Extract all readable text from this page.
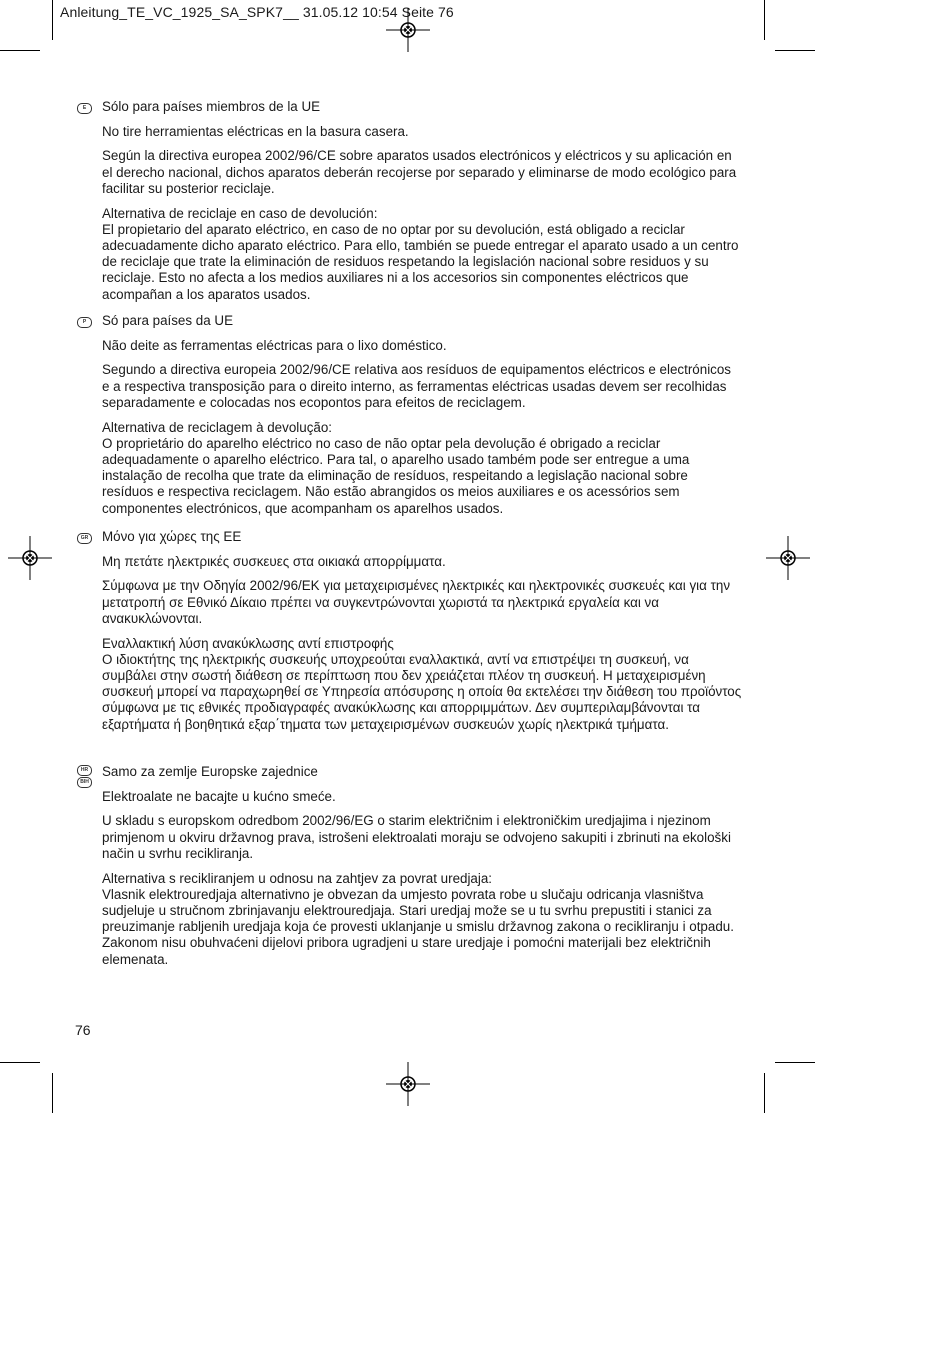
Anleitung_TE_VC_1925_SA_SPK7__ 31.05.12 10:54 Seite 76
E	Sólo para países miembros de la UE

No tire herramientas eléctricas en la basura casera.

Según la directiva europea 2002/96/CE sobre aparatos usados electrónicos y eléctricos y su aplicación en el derecho nacional, dichos aparatos deberán recojerse por separado y eliminarse de modo ecológico para facilitar su posterior reciclaje.

Alternativa de reciclaje en caso de devolución:
El propietario del aparato eléctrico, en caso de no optar por su devolución, está obligado a reciclar adecuadamente dicho aparato eléctrico. Para ello, también se puede entregar el aparato usado a un centro de reciclaje que trate la eliminación de residuos respetando la legislación nacional sobre residuos y su reciclaje. Esto no afecta a los medios auxiliares ni a los accesorios sin componentes eléctricos que acompañan a los aparatos usados.

P	Só para países da UE

Não deite as ferramentas eléctricas para o lixo doméstico.

Segundo a directiva europeia 2002/96/CE relativa aos resíduos de equipamentos eléctricos e electrónicos e a respectiva transposição para o direito interno, as ferramentas eléctricas usadas devem ser recolhidas separadamente e colocadas nos ecopontos para efeitos de reciclagem.

Alternativa de reciclagem à devolução:
O proprietário do aparelho eléctrico no caso de não optar pela devolução é obrigado a reciclar adequadamente o aparelho eléctrico. Para tal, o aparelho usado também pode ser entregue a uma instalação de recolha que trate da eliminação de resíduos, respeitando a legislação nacional sobre resíduos e respectiva reciclagem. Não estão abrangidos os meios auxiliares e os acessórios sem componentes electrónicos, que acompanham os aparelhos usados.

GR Μόνο για χώρες της ΕΕ

Μη πετάτε ηλεκτρικές συσκευες στα οικιακά απορρίμματα.

Σύμφωνα με την Οδηγία 2002/96/ΕΚ για μεταχειρισμένες ηλεκτρικές και ηλεκτρονικές συσκευές και για την μετατροπή σε Εθνικό Δίκαιο πρέπει να συγκεντρώνονται χωριστά τα ηλεκτρικά εργαλεία και να ανακυκλώνονται.

Εναλλακτική λύση ανακύκλωσης αντί επιστροφής
Ο ιδιοκτήτης της ηλεκτρικής συσκευής υποχρεούται εναλλακτικά, αντί να επιστρέψει τη συσκευή, να συμβάλει στην σωστή διάθεση σε περίπτωση που δεν χρειάζεται πλέον τη συσκευή. Η μεταχειρισμένη συσκευή μπορεί να παραχωρηθεί σε Υπηρεσία απόσυρσης η οποία θα εκτελέσει την διάθεση του προϊόντος σύμφωνα με τις εθνικές προδιαγραφές ανακύκλωσης και απορριμμάτων. Δεν συμπεριλαμβάνονται τα εξαρτήματα ή βοηθητικά εξαρ΄τηματα των μεταχειρισμένων συσκευών χωρίς ηλεκτρικά τμήματα.

HR
BIH

Samo za zemlje Europske zajednice

Elektroalate ne bacajte u kućno smeće.

U skladu s europskom odredbom 2002/96/EG o starim električnim i elektroničkim uredjajima i njezinom primjenom u okviru državnog prava, istrošeni elektroalati moraju se odvojeno sakupiti i zbrinuti na ekološki način u svrhu recikliranja.

Alternativa s recikliranjem u odnosu na zahtjev za povrat uredjaja:
Vlasnik elektrouredjaja alternativno je obvezan da umjesto povrata robe u slučaju odricanja vlasništva sudjeluje u stručnom zbrinjavanju elektrouredjaja. Stari uredjaj može se u tu svrhu prepustiti i stanici za preuzimanje rabljenih uredjaja koja će provesti uklanjanje u smislu državnog zakona o recikliranju i otpadu. Zakonom nisu obuhvaćeni dijelovi pribora ugradjeni u stare uredjaje i pomoćni materijali bez električnih elemenata.

76
